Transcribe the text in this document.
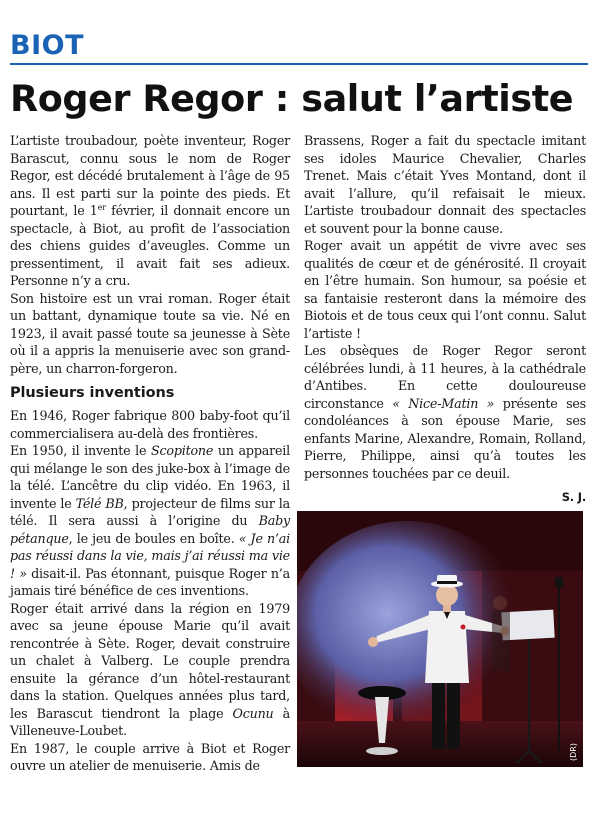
BIOT
Roger Regor : salut l’artiste

L’artiste troubadour, poète inventeur, Roger Barascut, connu sous le nom de Roger Regor, est décédé brutalement à l’âge de 95 ans. Il est parti sur la pointe des pieds. Et pourtant, le 1er février, il donnait encore un spectacle, à Biot, au profit de l’association des chiens guides d’aveugles. Comme un pressentiment, il avait fait ses adieux. Personne n’y a cru.

Son histoire est un vrai roman. Roger était un battant, dynamique toute sa vie. Né en 1923, il avait passé toute sa jeunesse à Sète où il a appris la menuiserie avec son grand-père, un charron-forgeron.

Plusieurs inventions

En 1946, Roger fabrique 800 baby-foot qu’il commercialisera au-delà des frontières.

En 1950, il invente le Scopitone un appareil qui mélange le son des juke-box à l’image de la télé. L’ancêtre du clip vidéo. En 1963, il invente le Télé BB, projecteur de films sur la télé. Il sera aussi à l’origine du Baby pétanque, le jeu de boules en boîte. « Je n’ai pas réussi dans la vie, mais j’ai réussi ma vie ! » disait-il. Pas étonnant, puisque Roger n’a jamais tiré bénéfice de ces inventions.

Roger était arrivé dans la région en 1979 avec sa jeune épouse Marie qu’il avait rencontrée à Sète. Roger, devait construire un chalet à Valberg. Le couple prendra ensuite la gérance d’un hôtel-restaurant dans la station. Quelques années plus tard, les Barascut tiendront la plage Ocunu à Villeneuve-Loubet.

En 1987, le couple arrive à Biot et Roger ouvre un atelier de menuiserie. Amis de

Brassens, Roger a fait du spectacle imitant ses idoles Maurice Chevalier, Charles Trenet. Mais c’était Yves Montand, dont il avait l’allure, qu’il refaisait le mieux. L’artiste troubadour donnait des spectacles et souvent pour la bonne cause.

Roger avait un appétit de vivre avec ses qualités de cœur et de générosité. Il croyait en l’être humain. Son humour, sa poésie et sa fantaisie resteront dans la mémoire des Biotois et de tous ceux qui l’ont connu. Salut l’artiste !

Les obsèques de Roger Regor seront célébrées lundi, à 11 heures, à la cathédrale d’Antibes. En cette douloureuse circonstance « Nice-Matin » présente ses condoléances à son épouse Marie, ses enfants Marine, Alexandre, Romain, Rolland, Pierre, Philippe, ainsi qu’à toutes les personnes touchées par ce deuil.

S. J.
(DR)
